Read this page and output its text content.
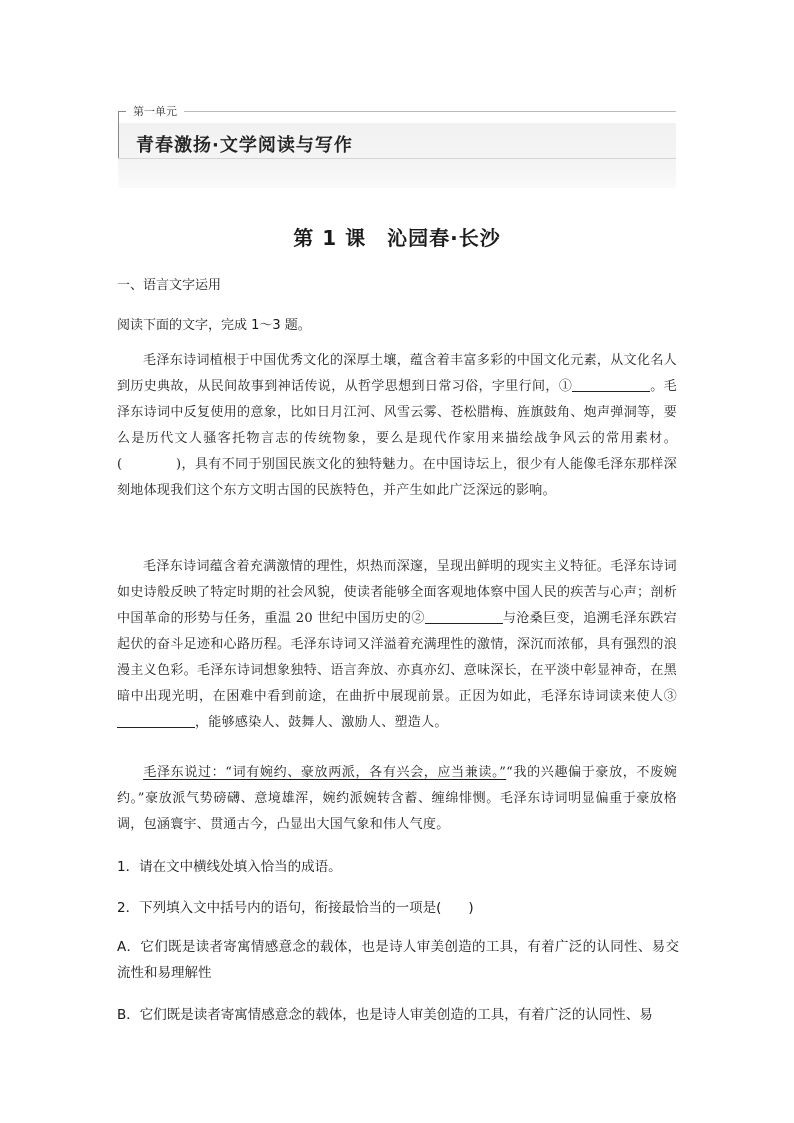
第一单元
青春激扬·文学阅读与写作
第 1 课　沁园春·长沙
一、语言文字运用
阅读下面的文字，完成 1～3 题。
毛泽东诗词植根于中国优秀文化的深厚土壤，蕴含着丰富多彩的中国文化元素，从文化名人到历史典故，从民间故事到神话传说，从哲学思想到日常习俗，字里行间，①	。毛泽东诗词中反复使用的意象，比如日月江河、风雪云雾、苍松腊梅、旌旗鼓角、炮声弹洞等，要么是历代文人骚客托物言志的传统物象，要么是现代作家用来描绘战争风云的常用素材。(　　　　)，具有不同于别国民族文化的独特魅力。在中国诗坛上，很少有人能像毛泽东那样深刻地体现我们这个东方文明古国的民族特色，并产生如此广泛深远的影响。
毛泽东诗词蕴含着充满激情的理性，炽热而深邃，呈现出鲜明的现实主义特征。毛泽东诗词如史诗般反映了特定时期的社会风貌，使读者能够全面客观地体察中国人民的疾苦与心声；剖析中国革命的形势与任务，重温 20 世纪中国历史的②	与沧桑巨变，追溯毛泽东跌宕起伏的奋斗足迹和心路历程。毛泽东诗词又洋溢着充满理性的激情，深沉而浓郁，具有强烈的浪漫主义色彩。毛泽东诗词想象独特、语言奔放、亦真亦幻、意味深长，在平淡中彰显神奇，在黑暗中出现光明，在困难中看到前途，在曲折中展现前景。正因为如此，毛泽东诗词读来使人③，能够感染人、鼓舞人、激励人、塑造人。
毛泽东说过：“词有婉约、豪放两派，各有兴会，应当兼读。”“我的兴趣偏于豪放，不废婉约。”豪放派气势磅礴、意境雄浑，婉约派婉转含蓄、缠绵悱恻。毛泽东诗词明显偏重于豪放格调，包涵寰宇、贯通古今，凸显出大国气象和伟人气度。
1．请在文中横线处填入恰当的成语。
2．下列填入文中括号内的语句，衔接最恰当的一项是(　　)
A．它们既是读者寄寓情感意念的载体，也是诗人审美创造的工具，有着广泛的认同性、易交流性和易理解性
B．它们既是读者寄寓情感意念的载体，也是诗人审美创造的工具，有着广泛的认同性、易
